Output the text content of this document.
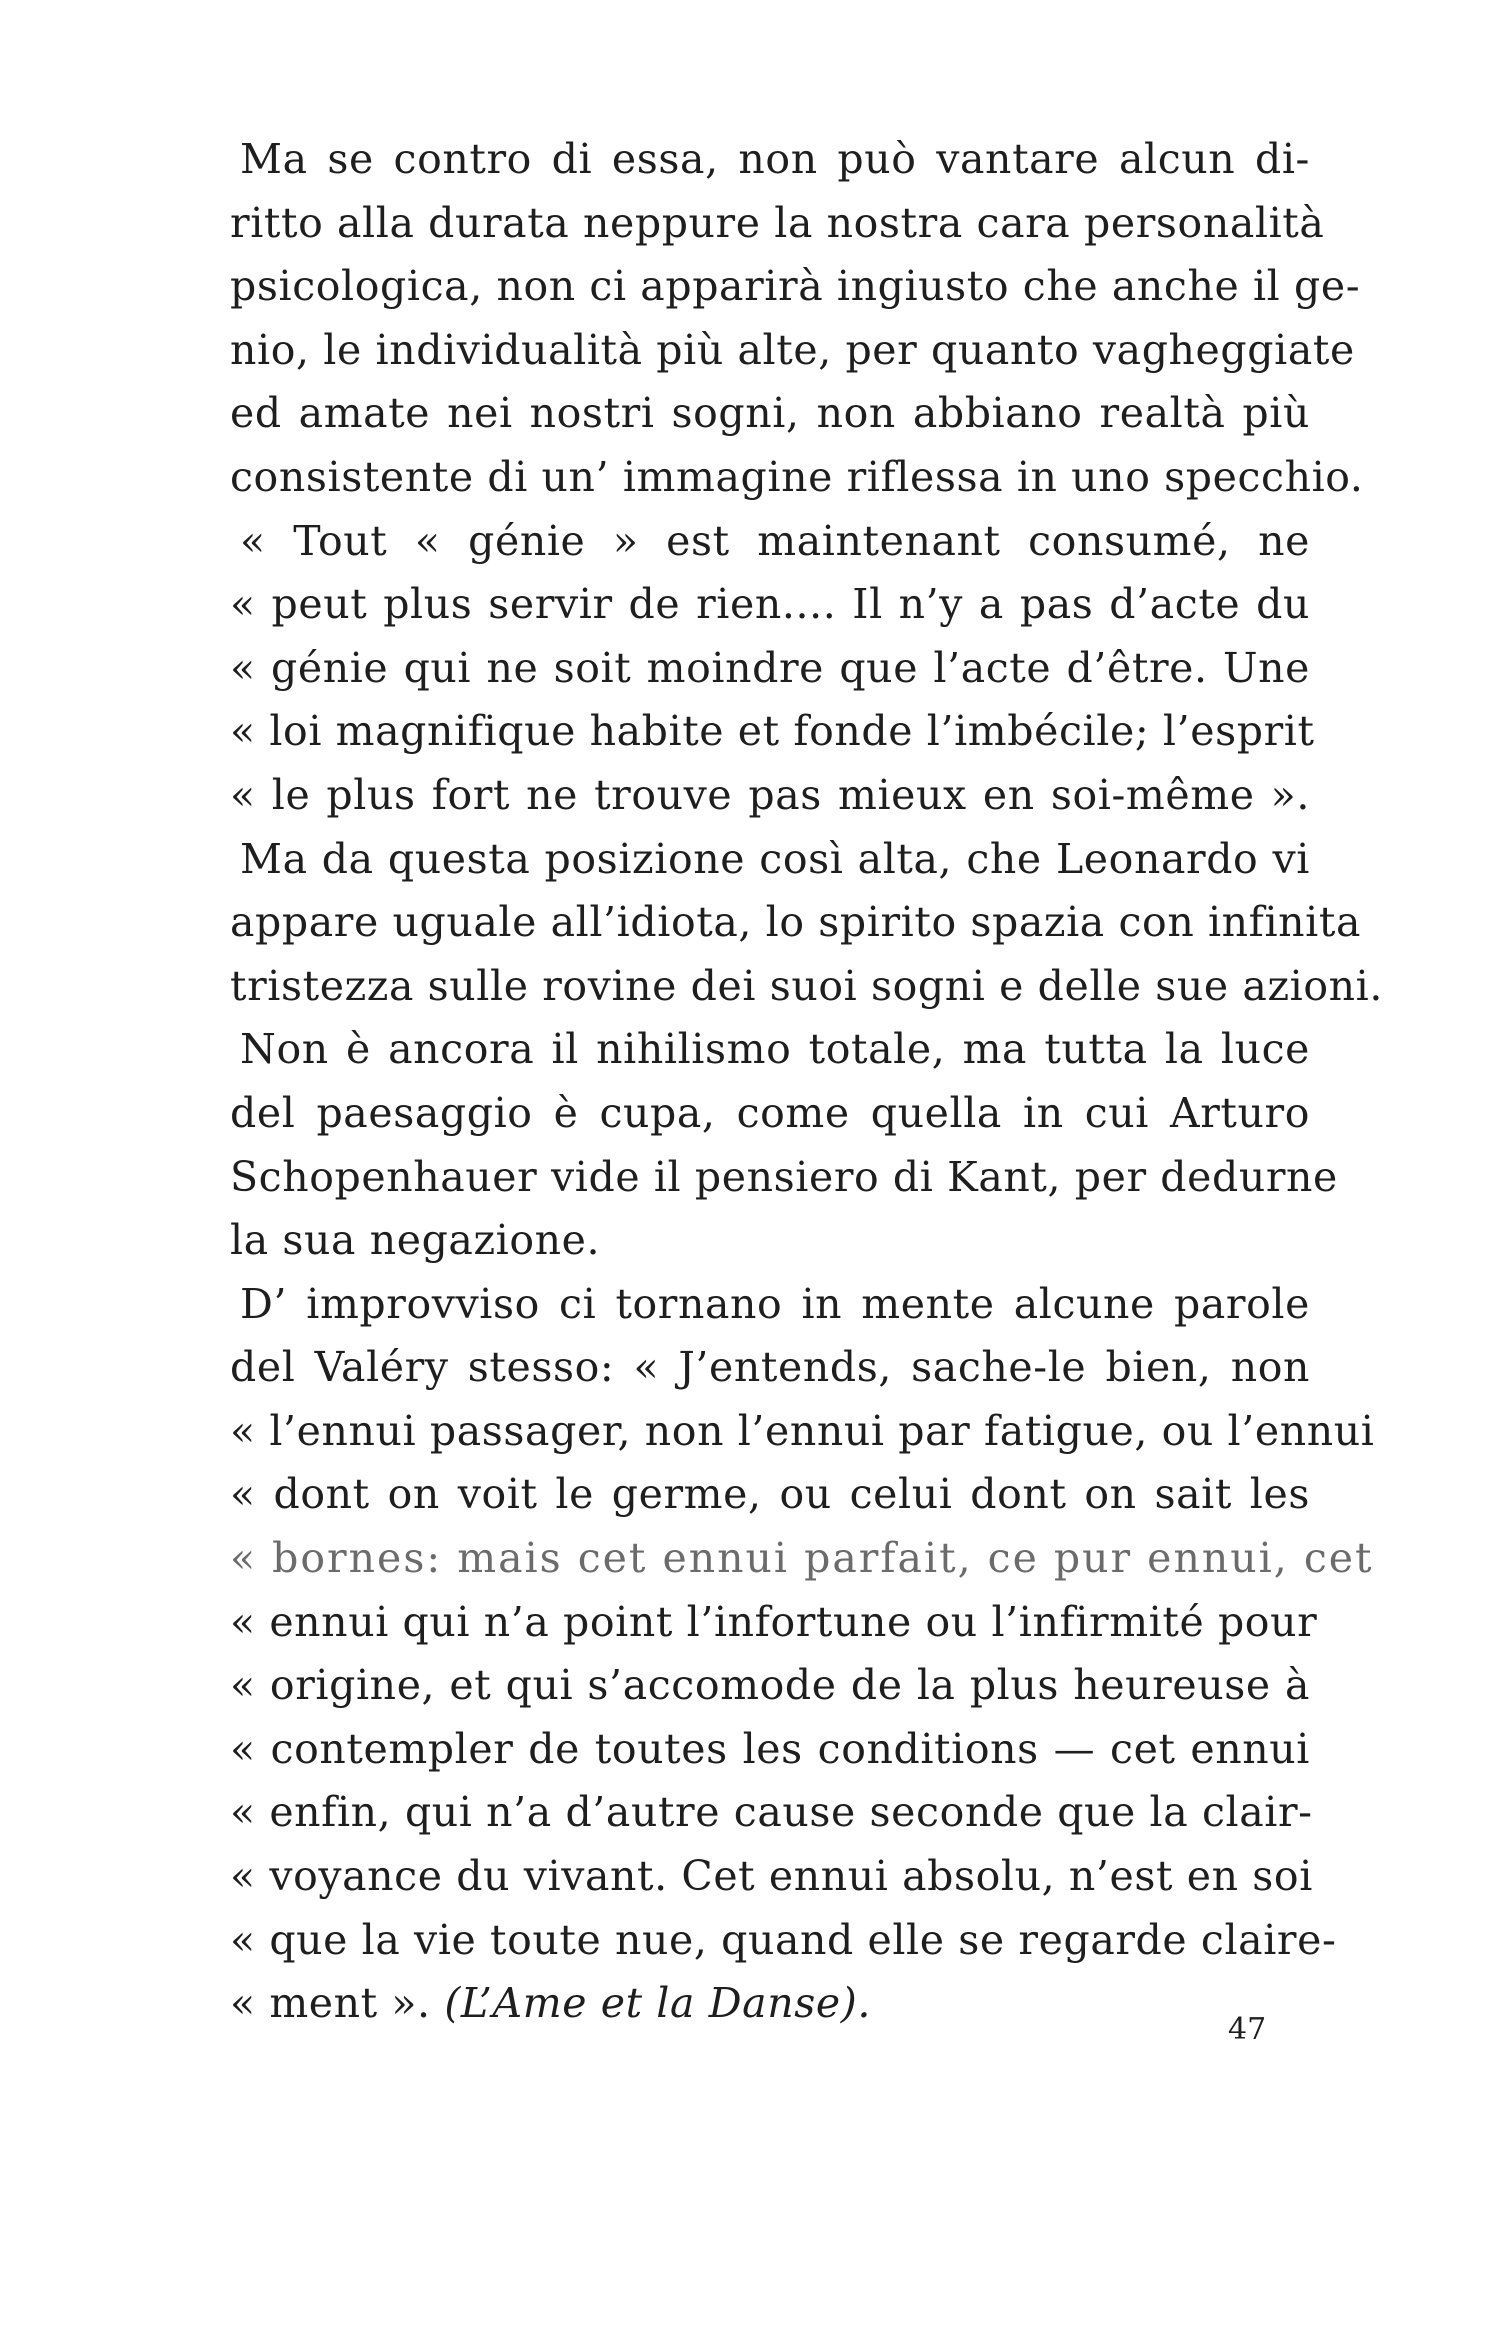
Ma se contro di essa, non può vantare alcun di-
ritto alla durata neppure la nostra cara personalità
psicologica, non ci apparirà ingiusto che anche il ge-
nio, le individualità più alte, per quanto vagheggiate
ed amate nei nostri sogni, non abbiano realtà più
consistente di un’ immagine riflessa in uno specchio.
« Tout « génie » est maintenant consumé, ne
« peut plus servir de rien.... Il n’y a pas d’acte du
« génie qui ne soit moindre que l’acte d’être. Une
« loi magnifique habite et fonde l’imbécile; l’esprit
« le plus fort ne trouve pas mieux en soi-même ».
Ma da questa posizione così alta, che Leonardo vi
appare uguale all’idiota, lo spirito spazia con infinita
tristezza sulle rovine dei suoi sogni e delle sue azioni.
Non è ancora il nihilismo totale, ma tutta la luce
del paesaggio è cupa, come quella in cui Arturo
Schopenhauer vide il pensiero di Kant, per dedurne
la sua negazione.
D’ improvviso ci tornano in mente alcune parole
del Valéry stesso: « J’entends, sache-le bien, non
« l’ennui passager, non l’ennui par fatigue, ou l’ennui
« dont on voit le germe, ou celui dont on sait les
« bornes: mais cet ennui parfait, ce pur ennui, cet
« ennui qui n’a point l’infortune ou l’infirmité pour
« origine, et qui s’accomode de la plus heureuse à
« contempler de toutes les conditions — cet ennui
« enfin, qui n’a d’autre cause seconde que la clair-
« voyance du vivant. Cet ennui absolu, n’est en soi
« que la vie toute nue, quand elle se regarde claire-
« ment ». (L’Ame et la Danse).
47
